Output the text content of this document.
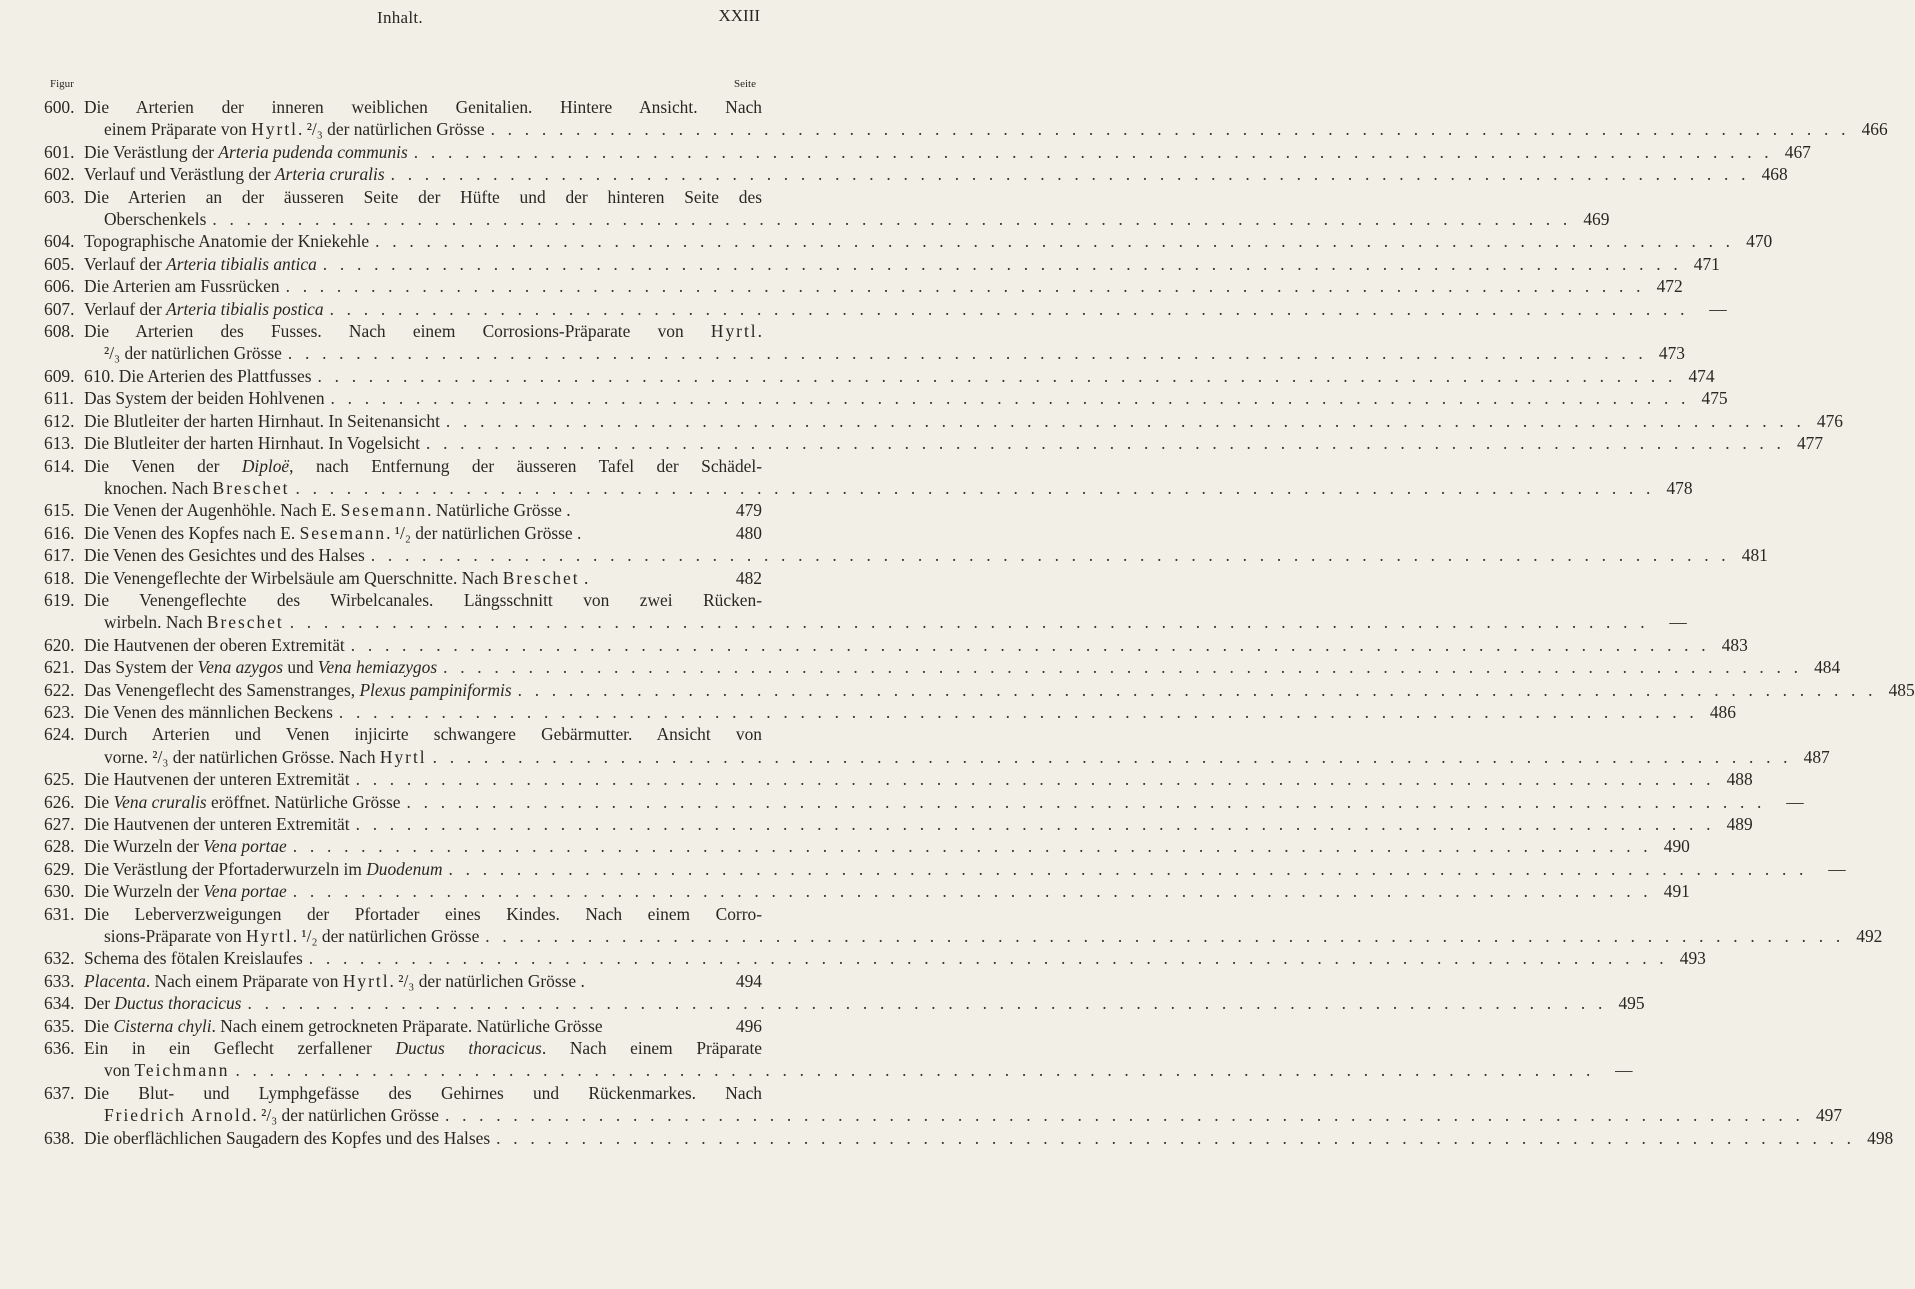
Inhalt.	XXIII
Figur	Seite
600. Die Arterien der inneren weiblichen Genitalien. Hintere Ansicht. Nach
einem Präparate von Hyrtl. ²/₃ der natürlichen Grösse . . . . . . . . . . . . . . . . . . . . . . . . . . . . . . . . . . . . . . . . . . . . . . . . . . . . . . . . . . . . . . . . . . . . . . . . . . . . . . . . 466
601. Die Verästlung der Arteria pudenda communis . . . . . . . . . . . . . . . . . . . . . . . . . . . . . . . . . . . . . . . . . . . . . . . . . . . . . . . . . . . . . . . . . . . . . . . . . . . . . . . . 467
602. Verlauf und Verästlung der Arteria cruralis . . . . . . . . . . . . . . . . . . . . . . . . . . . . . . . . . . . . . . . . . . . . . . . . . . . . . . . . . . . . . . . . . . . . . . . . . . . . . . . . 468
603. Die Arterien an der äusseren Seite der Hüfte und der hinteren Seite des
Oberschenkels . . . . . . . . . . . . . . . . . . . . . . . . . . . . . . . . . . . . . . . . . . . . . . . . . . . . . . . . . . . . . . . . . . . . . . . . . . . . . . . . 469
604. Topographische Anatomie der Kniekehle . . . . . . . . . . . . . . . . . . . . . . . . . . . . . . . . . . . . . . . . . . . . . . . . . . . . . . . . . . . . . . . . . . . . . . . . . . . . . . . . 470
605. Verlauf der Arteria tibialis antica . . . . . . . . . . . . . . . . . . . . . . . . . . . . . . . . . . . . . . . . . . . . . . . . . . . . . . . . . . . . . . . . . . . . . . . . . . . . . . . . 471
606. Die Arterien am Fussrücken . . . . . . . . . . . . . . . . . . . . . . . . . . . . . . . . . . . . . . . . . . . . . . . . . . . . . . . . . . . . . . . . . . . . . . . . . . . . . . . . 472
607. Verlauf der Arteria tibialis postica . . . . . . . . . . . . . . . . . . . . . . . . . . . . . . . . . . . . . . . . . . . . . . . . . . . . . . . . . . . . . . . . . . . . . . . . . . . . . . . .	—
608. Die Arterien des Fusses. Nach einem Corrosions-Präparate von Hyrtl.
²/₃ der natürlichen Grösse . . . . . . . . . . . . . . . . . . . . . . . . . . . . . . . . . . . . . . . . . . . . . . . . . . . . . . . . . . . . . . . . . . . . . . . . . . . . . . . . 473
609. 610. Die Arterien des Plattfusses . . . . . . . . . . . . . . . . . . . . . . . . . . . . . . . . . . . . . . . . . . . . . . . . . . . . . . . . . . . . . . . . . . . . . . . . . . . . . . . . 474
611. Das System der beiden Hohlvenen . . . . . . . . . . . . . . . . . . . . . . . . . . . . . . . . . . . . . . . . . . . . . . . . . . . . . . . . . . . . . . . . . . . . . . . . . . . . . . . . 475
612. Die Blutleiter der harten Hirnhaut. In Seitenansicht . . . . . . . . . . . . . . . . . . . . . . . . . . . . . . . . . . . . . . . . . . . . . . . . . . . . . . . . . . . . . . . . . . . . . . . . . . . . . . . . 476
613. Die Blutleiter der harten Hirnhaut. In Vogelsicht . . . . . . . . . . . . . . . . . . . . . . . . . . . . . . . . . . . . . . . . . . . . . . . . . . . . . . . . . . . . . . . . . . . . . . . . . . . . . . . . 477
614. Die Venen der Diploë, nach Entfernung der äusseren Tafel der Schädel-
knochen. Nach Breschet . . . . . . . . . . . . . . . . . . . . . . . . . . . . . . . . . . . . . . . . . . . . . . . . . . . . . . . . . . . . . . . . . . . . . . . . . . . . . . . . 478
615. Die Venen der Augenhöhle. Nach E. Sesemann. Natürliche Grösse .	479
616. Die Venen des Kopfes nach E. Sesemann. ¹/₂ der natürlichen Grösse .	480
617. Die Venen des Gesichtes und des Halses . . . . . . . . . . . . . . . . . . . . . . . . . . . . . . . . . . . . . . . . . . . . . . . . . . . . . . . . . . . . . . . . . . . . . . . . . . . . . . . . 481
618. Die Venengeflechte der Wirbelsäule am Querschnitte. Nach Breschet .	482
619. Die Venengeflechte des Wirbelcanales. Längsschnitt von zwei Rücken-
wirbeln. Nach Breschet . . . . . . . . . . . . . . . . . . . . . . . . . . . . . . . . . . . . . . . . . . . . . . . . . . . . . . . . . . . . . . . . . . . . . . . . . . . . . . . .	—
620. Die Hautvenen der oberen Extremität . . . . . . . . . . . . . . . . . . . . . . . . . . . . . . . . . . . . . . . . . . . . . . . . . . . . . . . . . . . . . . . . . . . . . . . . . . . . . . . . 483
621. Das System der Vena azygos und Vena hemiazygos . . . . . . . . . . . . . . . . . . . . . . . . . . . . . . . . . . . . . . . . . . . . . . . . . . . . . . . . . . . . . . . . . . . . . . . . . . . . . . . . 484
622. Das Venengeflecht des Samenstranges, Plexus pampiniformis . . . . . . . . . . . . . . . . . . . . . . . . . . . . . . . . . . . . . . . . . . . . . . . . . . . . . . . . . . . . . . . . . . . . . . . . . . . . . . . . 485
623. Die Venen des männlichen Beckens . . . . . . . . . . . . . . . . . . . . . . . . . . . . . . . . . . . . . . . . . . . . . . . . . . . . . . . . . . . . . . . . . . . . . . . . . . . . . . . . 486
624. Durch Arterien und Venen injicirte schwangere Gebärmutter. Ansicht von
vorne. ²/₃ der natürlichen Grösse. Nach Hyrtl . . . . . . . . . . . . . . . . . . . . . . . . . . . . . . . . . . . . . . . . . . . . . . . . . . . . . . . . . . . . . . . . . . . . . . . . . . . . . . . . 487
625. Die Hautvenen der unteren Extremität . . . . . . . . . . . . . . . . . . . . . . . . . . . . . . . . . . . . . . . . . . . . . . . . . . . . . . . . . . . . . . . . . . . . . . . . . . . . . . . . 488
626. Die Vena cruralis eröffnet. Natürliche Grösse . . . . . . . . . . . . . . . . . . . . . . . . . . . . . . . . . . . . . . . . . . . . . . . . . . . . . . . . . . . . . . . . . . . . . . . . . . . . . . . .	—
627. Die Hautvenen der unteren Extremität . . . . . . . . . . . . . . . . . . . . . . . . . . . . . . . . . . . . . . . . . . . . . . . . . . . . . . . . . . . . . . . . . . . . . . . . . . . . . . . . 489
628. Die Wurzeln der Vena portae . . . . . . . . . . . . . . . . . . . . . . . . . . . . . . . . . . . . . . . . . . . . . . . . . . . . . . . . . . . . . . . . . . . . . . . . . . . . . . . . 490
629. Die Verästlung der Pfortaderwurzeln im Duodenum . . . . . . . . . . . . . . . . . . . . . . . . . . . . . . . . . . . . . . . . . . . . . . . . . . . . . . . . . . . . . . . . . . . . . . . . . . . . . . . .	—
630. Die Wurzeln der Vena portae . . . . . . . . . . . . . . . . . . . . . . . . . . . . . . . . . . . . . . . . . . . . . . . . . . . . . . . . . . . . . . . . . . . . . . . . . . . . . . . . 491
631. Die Leberverzweigungen der Pfortader eines Kindes. Nach einem Corro-
sions-Präparate von Hyrtl. ¹/₂ der natürlichen Grösse . . . . . . . . . . . . . . . . . . . . . . . . . . . . . . . . . . . . . . . . . . . . . . . . . . . . . . . . . . . . . . . . . . . . . . . . . . . . . . . . 492
632. Schema des fötalen Kreislaufes . . . . . . . . . . . . . . . . . . . . . . . . . . . . . . . . . . . . . . . . . . . . . . . . . . . . . . . . . . . . . . . . . . . . . . . . . . . . . . . . 493
633. Placenta. Nach einem Präparate von Hyrtl. ²/₃ der natürlichen Grösse .	494
634. Der Ductus thoracicus . . . . . . . . . . . . . . . . . . . . . . . . . . . . . . . . . . . . . . . . . . . . . . . . . . . . . . . . . . . . . . . . . . . . . . . . . . . . . . . . 495
635. Die Cisterna chyli. Nach einem getrockneten Präparate. Natürliche Grösse	496
636. Ein in ein Geflecht zerfallener Ductus thoracicus. Nach einem Präparate
von Teichmann . . . . . . . . . . . . . . . . . . . . . . . . . . . . . . . . . . . . . . . . . . . . . . . . . . . . . . . . . . . . . . . . . . . . . . . . . . . . . . . .	—
637. Die Blut- und Lymphgefässe des Gehirnes und Rückenmarkes. Nach
Friedrich Arnold. ²/₃ der natürlichen Grösse . . . . . . . . . . . . . . . . . . . . . . . . . . . . . . . . . . . . . . . . . . . . . . . . . . . . . . . . . . . . . . . . . . . . . . . . . . . . . . . . 497
638. Die oberflächlichen Saugadern des Kopfes und des Halses . . . . . . . . . . . . . . . . . . . . . . . . . . . . . . . . . . . . . . . . . . . . . . . . . . . . . . . . . . . . . . . . . . . . . . . . . . . . . . . . 498
